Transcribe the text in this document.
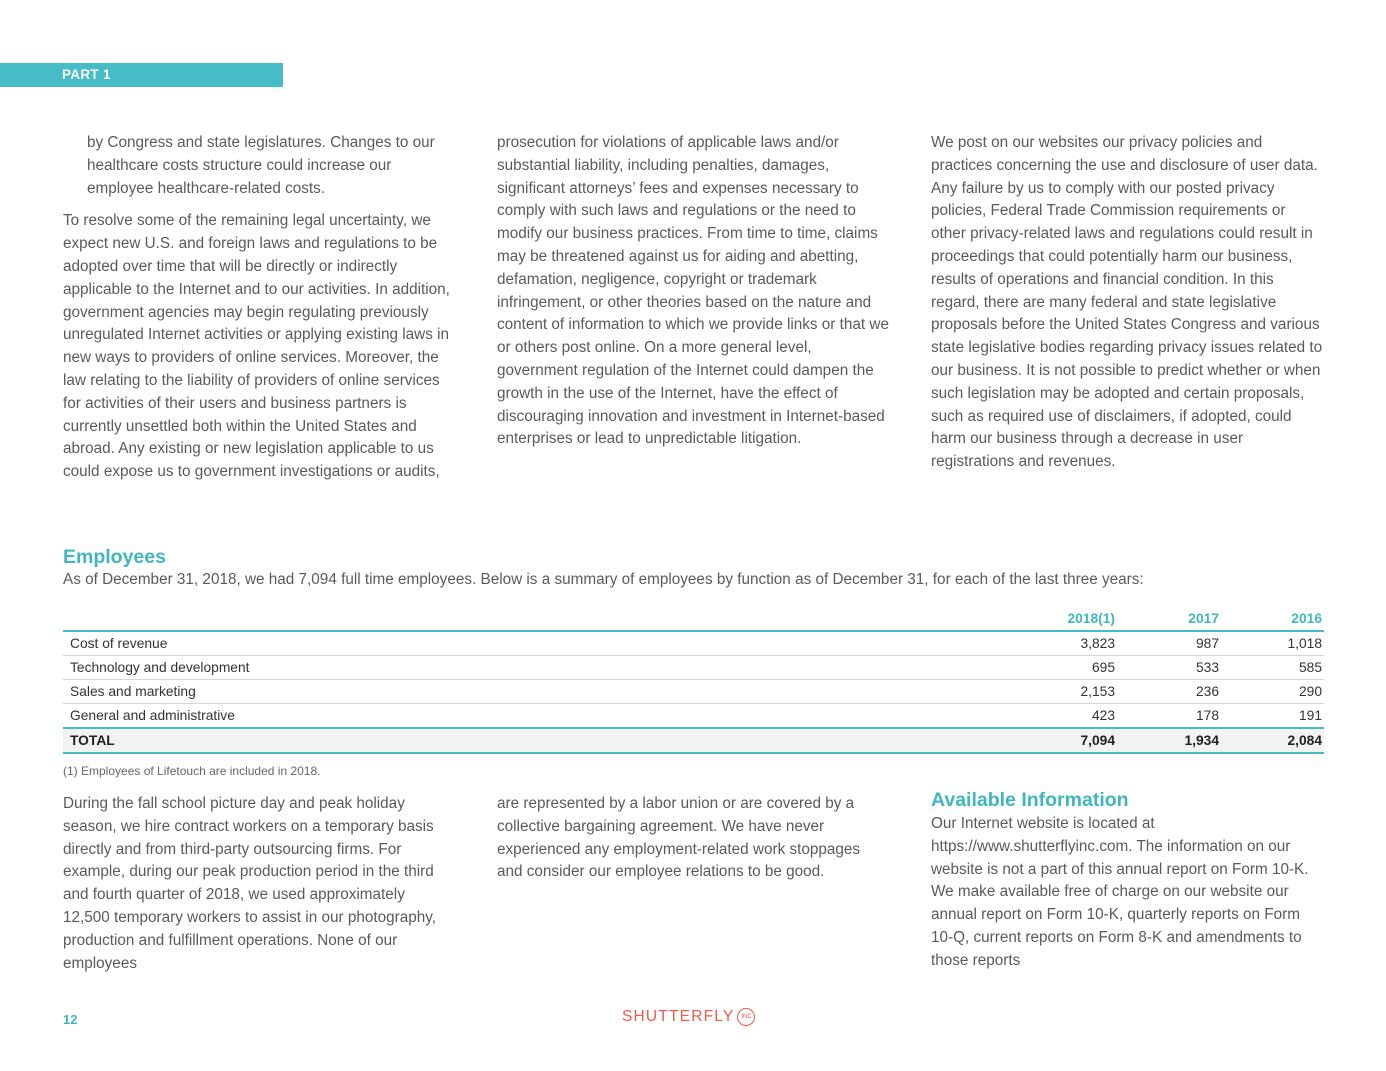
PART 1

by Congress and state legislatures. Changes to our healthcare costs structure could increase our employee healthcare-related costs.

To resolve some of the remaining legal uncertainty, we expect new U.S. and foreign laws and regulations to be adopted over time that will be directly or indirectly applicable to the Internet and to our activities. In addition, government agencies may begin regulating previously unregulated Internet activities or applying existing laws in new ways to providers of online services. Moreover, the law relating to the liability of providers of online services for activities of their users and business partners is currently unsettled both within the United States and abroad. Any existing or new legislation applicable to us could expose us to government investigations or audits,

prosecution for violations of applicable laws and/or substantial liability, including penalties, damages, significant attorneys’ fees and expenses necessary to comply with such laws and regulations or the need to modify our business practices. From time to time, claims may be threatened against us for aiding and abetting, defamation, negligence, copyright or trademark infringement, or other theories based on the nature and content of information to which we provide links or that we or others post online. On a more general level, government regulation of the Internet could dampen the growth in the use of the Internet, have the effect of discouraging innovation and investment in Internet-based enterprises or lead to unpredictable litigation.

We post on our websites our privacy policies and practices concerning the use and disclosure of user data. Any failure by us to comply with our posted privacy policies, Federal Trade Commission requirements or other privacy-related laws and regulations could result in proceedings that could potentially harm our business, results of operations and financial condition. In this regard, there are many federal and state legislative proposals before the United States Congress and various state legislative bodies regarding privacy issues related to our business. It is not possible to predict whether or when such legislation may be adopted and certain proposals, such as required use of disclaimers, if adopted, could harm our business through a decrease in user registrations and revenues.

Employees
As of December 31, 2018, we had 7,094 full time employees. Below is a summary of employees by function as of December 31, for each of the last three years:
	2018(1)	2017	2016
Cost of revenue	3,823	987	1,018
Technology and development	695	533	585
Sales and marketing	2,153	236	290
General and administrative	423	178	191
TOTAL	7,094	1,934	2,084
(1) Employees of Lifetouch are included in 2018.

During the fall school picture day and peak holiday season, we hire contract workers on a temporary basis directly and from third-party outsourcing firms. For example, during our peak production period in the third and fourth quarter of 2018, we used approximately 12,500 temporary workers to assist in our photography, production and fulfillment operations. None of our employees

are represented by a labor union or are covered by a collective bargaining agreement. We have never experienced any employment-related work stoppages and consider our employee relations to be good.

Available Information

Our Internet website is located at https://www.shutterflyinc.com. The information on our website is not a part of this annual report on Form 10-K. We make available free of charge on our website our annual report on Form 10-K, quarterly reports on Form 10-Q, current reports on Form 8-K and amendments to those reports

12	SHUTTERFLY	INC
